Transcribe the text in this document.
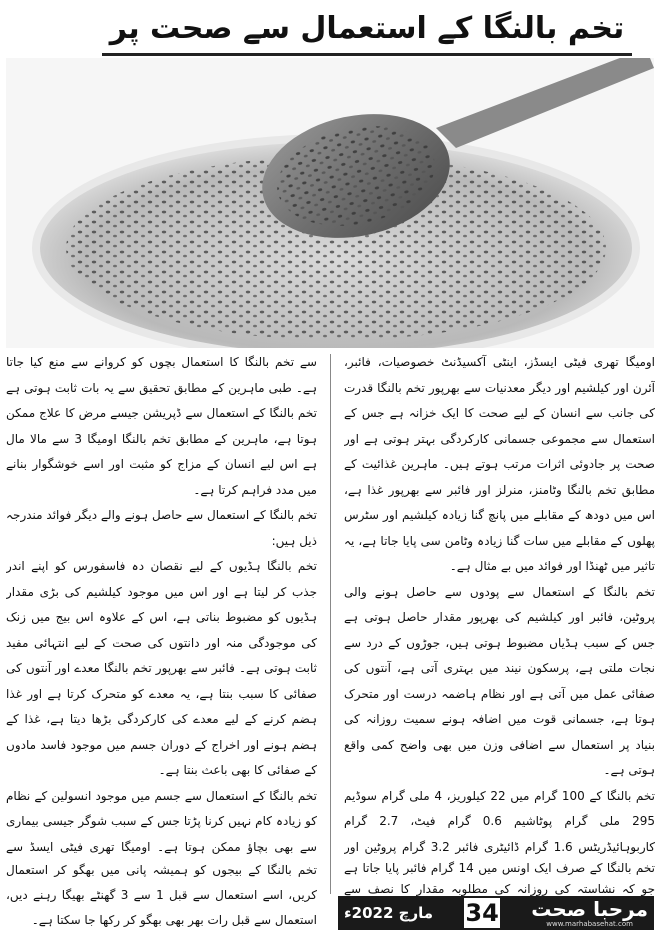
تخم بالنگا کے استعمال سے صحت پر

اومیگا تھری فیٹی ایسڈز، اینٹی آکسیڈنٹ خصوصیات، فائبر، آئرن اور کیلشیم اور دیگر معدنیات سے بھرپور تخم بالنگا قدرت کی جانب سے انسان کے لیے صحت کا ایک خزانہ ہے جس کے استعمال سے مجموعی جسمانی کارکردگی بہتر ہوتی ہے اور صحت پر جادوئی اثرات مرتب ہوتے ہیں۔ ماہرین غذائیت کے مطابق تخم بالنگا وٹامنز، منرلز اور فائبر سے بھرپور غذا ہے، اس میں دودھ کے مقابلے میں پانچ گنا زیادہ کیلشیم اور سٹرس پھلوں کے مقابلے میں سات گنا زیادہ وٹامن سی پایا جاتا ہے، یہ تاثیر میں ٹھنڈا اور فوائد میں بے مثال ہے۔

تخم بالنگا کے استعمال سے پودوں سے حاصل ہونے والی پروٹین، فائبر اور کیلشیم کی بھرپور مقدار حاصل ہوتی ہے جس کے سبب ہڈیاں مضبوط ہوتی ہیں، جوڑوں کے درد سے نجات ملتی ہے، پرسکون نیند میں بہتری آتی ہے، آنتوں کی صفائی عمل میں آتی ہے اور نظام ہاضمہ درست اور متحرک ہوتا ہے، جسمانی قوت میں اضافہ ہونے سمیت روزانہ کی بنیاد پر استعمال سے اضافی وزن میں بھی واضح کمی واقع ہوتی ہے۔

تخم بالنگا کے 100 گرام میں 22 کیلوریز، 4 ملی گرام سوڈیم 295 ملی گرام پوٹاشیم 0.6 گرام فیٹ، 2.7 گرام کاربوہائیڈریٹس 1.6 گرام ڈائیٹری فائبر 3.2 گرام پروٹین اور

سے تخم بالنگا کا استعمال بچوں کو کروانے سے منع کیا جاتا ہے۔ طبی ماہرین کے مطابق تحقیق سے یہ بات ثابت ہوتی ہے تخم بالنگا کے استعمال سے ڈپریشن جیسے مرض کا علاج ممکن ہوتا ہے، ماہرین کے مطابق تخم بالنگا اومیگا 3 سے مالا مال ہے اس لیے انسان کے مزاج کو مثبت اور اسے خوشگوار بنانے میں مدد فراہم کرتا ہے۔

تخم بالنگا کے استعمال سے حاصل ہونے والے دیگر فوائد مندرجہ ذیل ہیں:

تخم بالنگا ہڈیوں کے لیے نقصان دہ فاسفورس کو اپنے اندر جذب کر لیتا ہے اور اس میں موجود کیلشیم کی بڑی مقدار ہڈیوں کو مضبوط بناتی ہے، اس کے علاوہ اس بیج میں زنک کی موجودگی منہ اور دانتوں کی صحت کے لیے انتہائی مفید ثابت ہوتی ہے۔ فائبر سے بھرپور تخم بالنگا معدے اور آنتوں کی صفائی کا سبب بنتا ہے، یہ معدے کو متحرک کرتا ہے اور غذا ہضم کرنے کے لیے معدے کی کارکردگی بڑھا دیتا ہے، غذا کے ہضم ہونے اور اخراج کے دوران جسم میں موجود فاسد مادوں کے صفائی کا بھی باعث بنتا ہے۔

تخم بالنگا کے استعمال سے جسم میں موجود انسولین کے نظام کو زیادہ کام نہیں کرنا پڑتا جس کے سبب شوگر جیسی بیماری سے بھی بچاؤ ممکن ہوتا ہے۔ اومیگا تھری فیٹی ایسڈ سے

تخم بالنگا کے بیجوں کو ہمیشہ پانی میں بھگو کر استعمال کریں، اسے استعمال سے قبل 1 سے 3 گھنٹے بھیگا رہنے دیں، استعمال سے قبل رات بھر بھی بھگو کر رکھا جا سکتا ہے۔
تخم بالنگا کے صرف ایک اونس میں 14 گرام فائبر پایا جاتا ہے جو کہ نشاستہ کی روزانہ کی مطلوبہ مقدار کا نصف سے
مارچ 2022ء 34 مرحبا صحت
www.marhabasehat.com
